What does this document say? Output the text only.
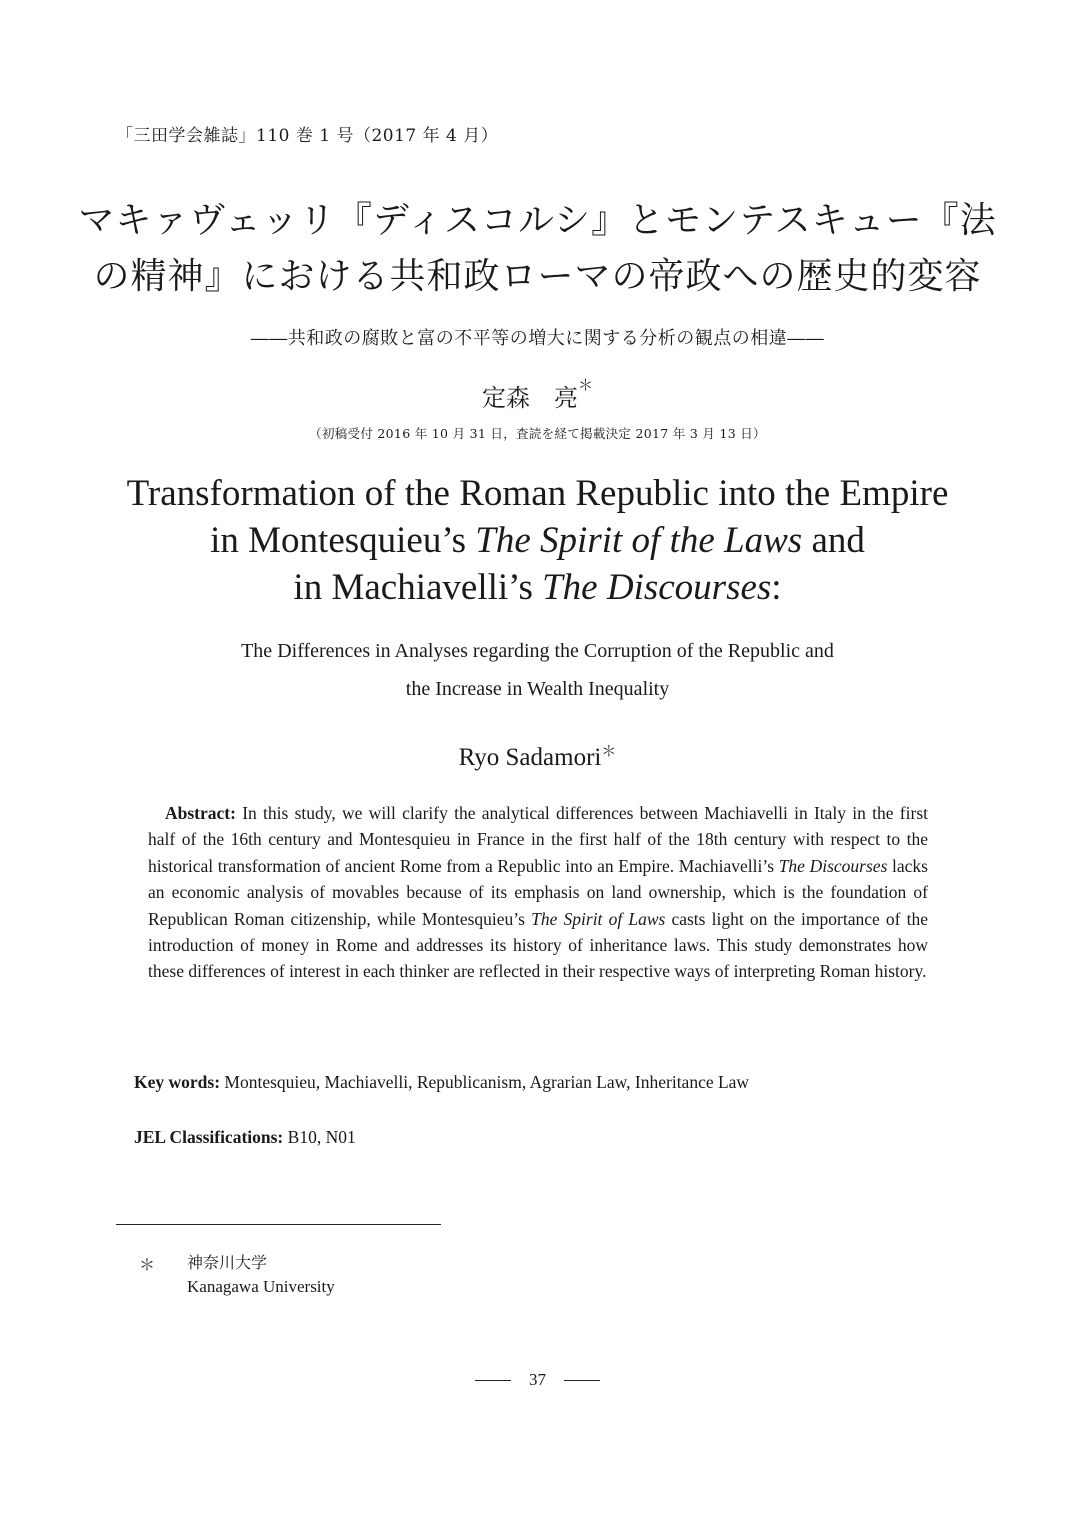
「三田学会雑誌」110 巻 1 号（2017 年 4 月）
マキァヴェッリ『ディスコルシ』とモンテスキュー『法
の精神』における共和政ローマの帝政への歴史的変容
――共和政の腐敗と富の不平等の増大に関する分析の観点の相違――
定森　亮＊
（初稿受付 2016 年 10 月 31 日，査読を経て掲載決定 2017 年 3 月 13 日）
Transformation of the Roman Republic into the Empire
in Montesquieu’s The Spirit of the Laws and
in Machiavelli’s The Discourses:
The Differences in Analyses regarding the Corruption of the Republic and
the Increase in Wealth Inequality
Ryo Sadamori＊
Abstract: In this study, we will clarify the analytical differences between Machiavelli in Italy in the first half of the 16th century and Montesquieu in France in the first half of the 18th century with respect to the historical transformation of ancient Rome from a Republic into an Empire. Machiavelli’s The Discourses lacks an economic analysis of movables because of its emphasis on land ownership, which is the foundation of Republican Roman citizenship, while Montesquieu’s The Spirit of Laws casts light on the importance of the introduction of money in Rome and addresses its history of inheritance laws. This study demonstrates how these differences of interest in each thinker are reflected in their respective ways of interpreting Roman history.
Key words: Montesquieu, Machiavelli, Republicanism, Agrarian Law, Inheritance Law
JEL Classifications: B10, N01
＊ 神奈川大学
Kanagawa University
37
